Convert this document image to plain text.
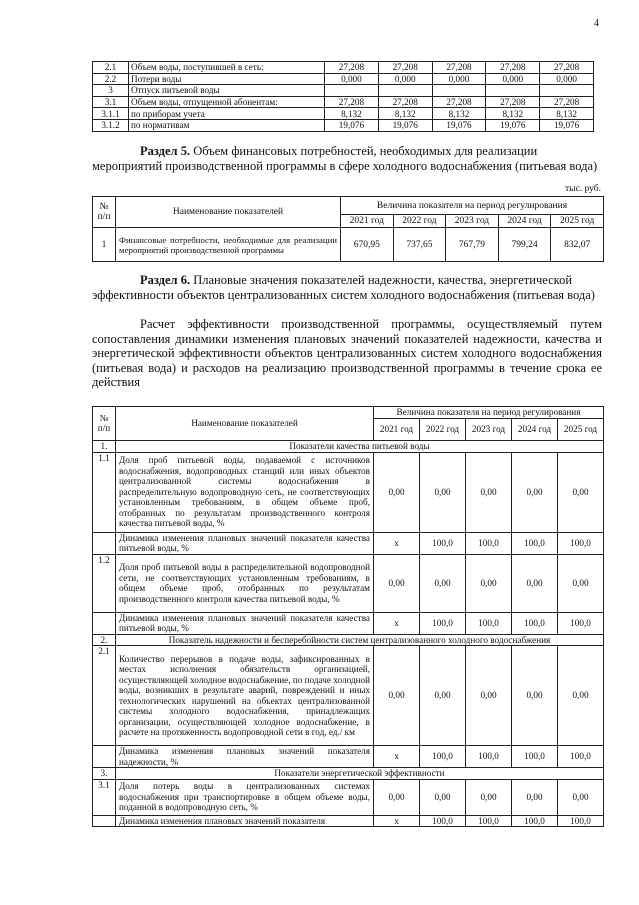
4
2.1	Объем воды, поступившей в сеть:	27,208	27,208	27,208	27,208	27,208
2.2	Потери воды	0,000	0,000	0,000	0,000	0,000
3	Отпуск питьевой воды					
3.1	Объем воды, отпущенной абонентам:	27,208	27,208	27,208	27,208	27,208
3.1.1	по приборам учета	8,132	8,132	8,132	8,132	8,132
3.1.2	по нормативам	19,076	19,076	19,076	19,076	19,076
Раздел 5. Объем финансовых потребностей, необходимых для реализации мероприятий производственной программы в сфере холодного водоснабжения (питьевая вода)
тыс. руб.
№ п/п	Наименование показателей	Величина показателя на период регулирования				
		2021 год	2022 год	2023 год	2024 год	2025 год
1	Финансовые потребности, необходимые для реализации мероприятий производственной программы	670,95	737,65	767,79	799,24	832,07
Раздел 6. Плановые значения показателей надежности, качества, энергетической эффективности объектов централизованных систем холодного водоснабжения (питьевая вода)
Расчет эффективности производственной программы, осуществляемый путем сопоставления динамики изменения плановых значений показателей надежности, качества и энергетической эффективности объектов централизованных систем холодного водоснабжения (питьевая вода) и расходов на реализацию производственной программы в течение срока ее действия
№ п/п	Наименование показателей	Величина показателя на период регулирования				
		2021 год	2022 год	2023 год	2024 год	2025 год
1.	Показатели качества питьевой воды					
1.1	Доля проб питьевой воды, подаваемой с источников водоснабжения, водопроводных станций или иных объектов централизованной системы водоснабжения в распределительную водопроводную сеть, не соответствующих установленным требованиям, в общем объеме проб, отобранных по результатам производственного контроля качества питьевой воды, %	0,00	0,00	0,00	0,00	0,00
	Динамика изменения плановых значений показателя качества питьевой воды, %	х	100,0	100,0	100,0	100,0
1.2	Доля проб питьевой воды в распределительной водопроводной сети, не соответствующих установленным требованиям, в общем объеме проб, отобранных по результатам производственного контроля качества питьевой воды, %	0,00	0,00	0,00	0,00	0,00
	Динамика изменения плановых значений показателя качества питьевой воды, %	х	100,0	100,0	100,0	100,0
2.	Показатель надежности и бесперебойности систем централизованного холодного водоснабжения					
2.1	Количество перерывов в подаче воды, зафиксированных в местах исполнения обязательств организацией, осуществляющей холодное водоснабжение, по подаче холодной воды, возникших в результате аварий, повреждений и иных технологических нарушений на объектах централизованной системы холодного водоснабжения, принадлежащих организации, осуществляющей холодное водоснабжение, в расчете на протяженность водопроводной сети в год, ед./ км	0,00	0,00	0,00	0,00	0,00
	Динамика изменения плановых значений показателя надежности, %	х	100,0	100,0	100,0	100,0
3.	Показатели энергетической эффективности					
3.1	Доля потерь воды в централизованных системах водоснабжения при транспортировке в общем объеме воды, поданной в водопроводную сеть, %	0,00	0,00	0,00	0,00	0,00
	Динамика изменения плановых значений показателя	х	100,0	100,0	100,0	100,0
